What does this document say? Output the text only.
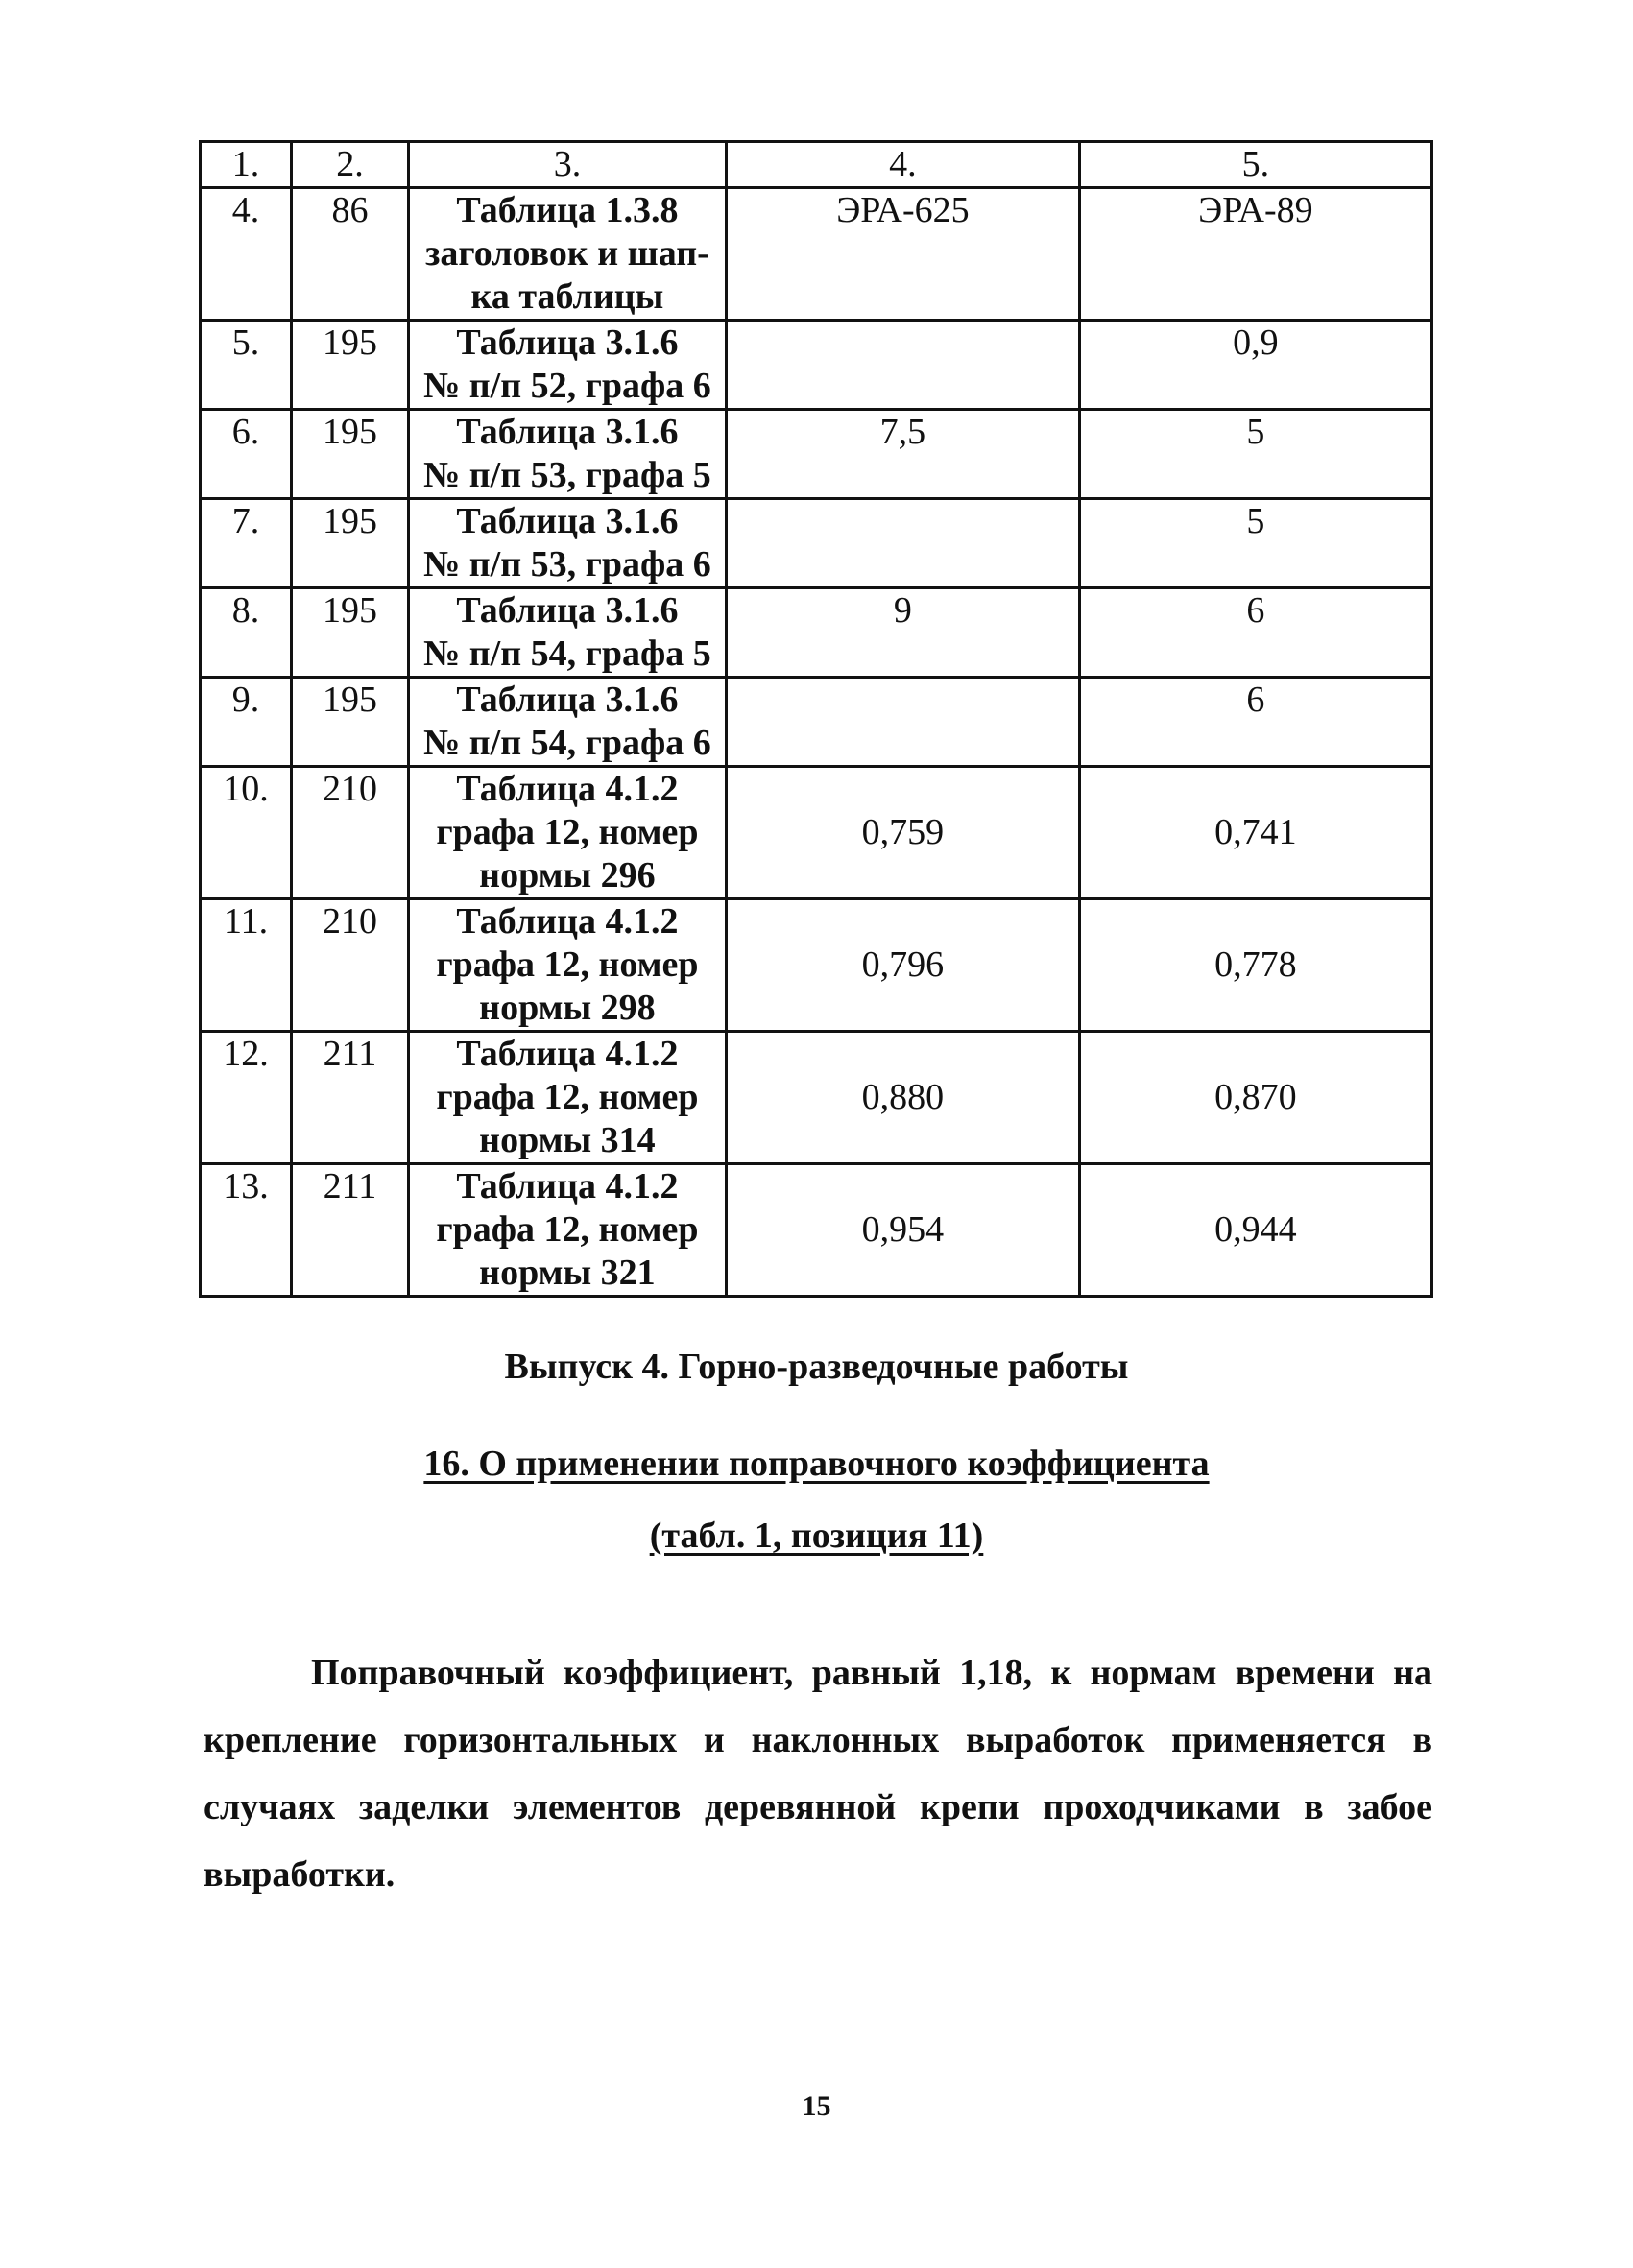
1.	2.	3.	4.	5.
4.	86	Таблица 1.3.8
заголовок и шап-
ка таблицы	ЭРА-625	ЭРА-89
5.	195	Таблица 3.1.6
№ п/п 52, графа 6		0,9
6.	195	Таблица 3.1.6
№ п/п 53, графа 5	7,5	5
7.	195	Таблица 3.1.6
№ п/п 53, графа 6		5
8.	195	Таблица 3.1.6
№ п/п 54, графа 5	9	6
9.	195	Таблица 3.1.6
№ п/п 54, графа 6		6
10.	210	Таблица 4.1.2
графа 12, номер
нормы 296	0,759	0,741
11.	210	Таблица 4.1.2
графа 12, номер
нормы 298	0,796	0,778
12.	211	Таблица 4.1.2
графа 12, номер
нормы 314	0,880	0,870
13.	211	Таблица 4.1.2
графа 12, номер
нормы 321	0,954	0,944
Выпуск 4. Горно-разведочные работы
16. О применении поправочного коэффициента
(табл. 1, позиция 11)

Поправочный коэффициент, равный 1,18, к нормам времени на крепление горизонтальных и наклонных выработок применяется в случаях заделки элементов деревянной крепи проходчиками в забое выработки.

15
